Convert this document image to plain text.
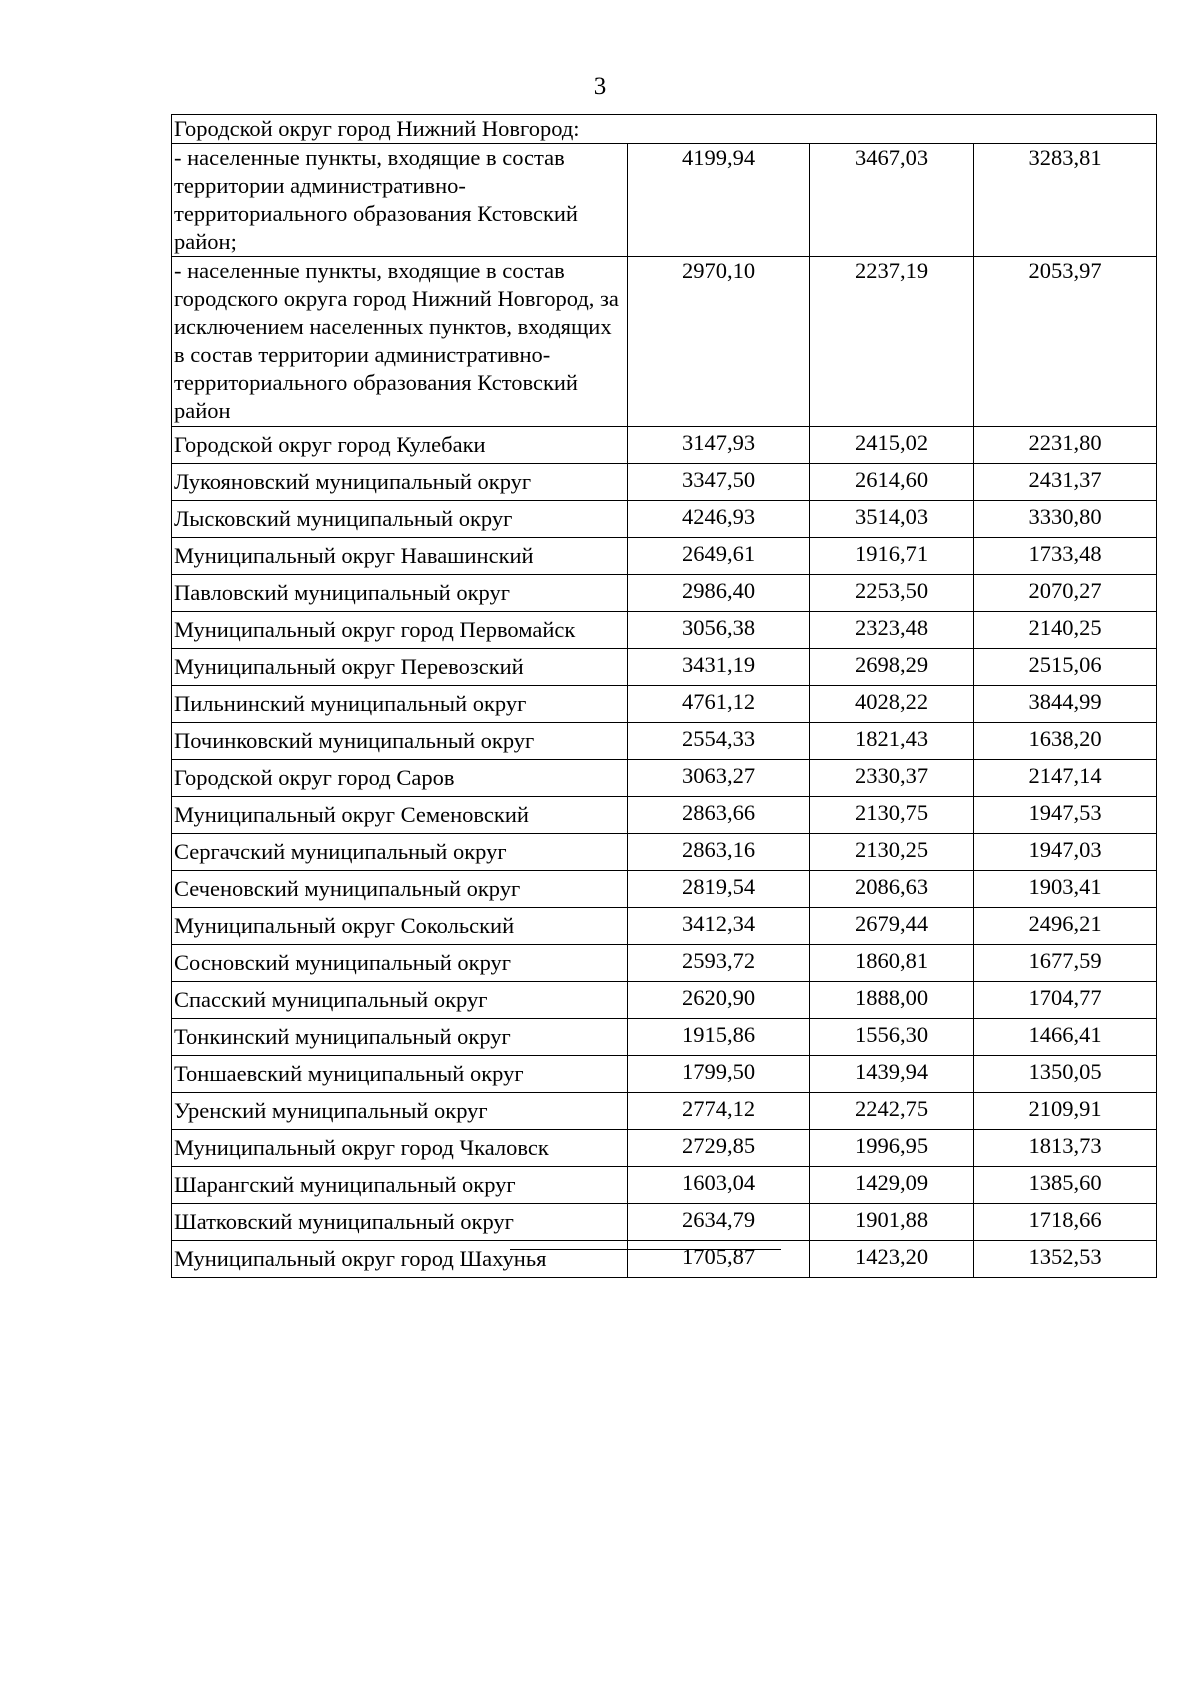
3
Городской округ город Нижний Новгород:			
- населенные пункты, входящие в состав территории административно-территориального образования Кстовский район;	4199,94	3467,03	3283,81
- населенные пункты, входящие в состав городского округа город Нижний Новгород, за исключением населенных пунктов, входящих в состав территории административно-территориального образования Кстовский район	2970,10	2237,19	2053,97
Городской округ город Кулебаки	3147,93	2415,02	2231,80
Лукояновский муниципальный округ	3347,50	2614,60	2431,37
Лысковский муниципальный округ	4246,93	3514,03	3330,80
Муниципальный округ Навашинский	2649,61	1916,71	1733,48
Павловский муниципальный округ	2986,40	2253,50	2070,27
Муниципальный округ город Первомайск	3056,38	2323,48	2140,25
Муниципальный округ Перевозский	3431,19	2698,29	2515,06
Пильнинский муниципальный округ	4761,12	4028,22	3844,99
Починковский муниципальный округ	2554,33	1821,43	1638,20
Городской округ город Саров	3063,27	2330,37	2147,14
Муниципальный округ Семеновский	2863,66	2130,75	1947,53
Сергачский муниципальный округ	2863,16	2130,25	1947,03
Сеченовский муниципальный округ	2819,54	2086,63	1903,41
Муниципальный округ Сокольский	3412,34	2679,44	2496,21
Сосновский муниципальный округ	2593,72	1860,81	1677,59
Спасский муниципальный округ	2620,90	1888,00	1704,77
Тонкинский муниципальный округ	1915,86	1556,30	1466,41
Тоншаевский муниципальный округ	1799,50	1439,94	1350,05
Уренский муниципальный округ	2774,12	2242,75	2109,91
Муниципальный округ город Чкаловск	2729,85	1996,95	1813,73
Шарангский муниципальный округ	1603,04	1429,09	1385,60
Шатковский муниципальный округ	2634,79	1901,88	1718,66
Муниципальный округ город Шахунья	1705,87	1423,20	1352,53
